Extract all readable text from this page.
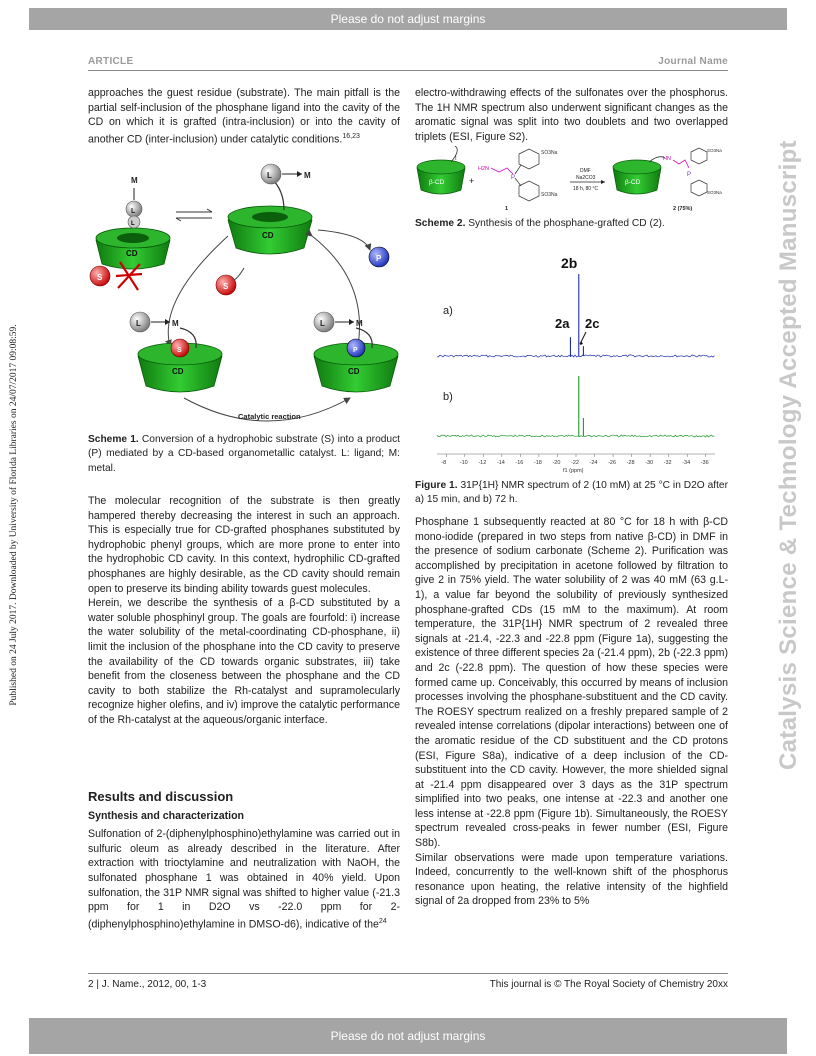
Please do not adjust margins
Please do not adjust margins
Published on 24 July 2017. Downloaded by University of Florida Libraries on 24/07/2017 09:08:59.	Catalysis Science & Technology Accepted Manuscript
ARTICLE	Journal Name

approaches the guest residue (substrate). The main pitfall is the partial self-inclusion of the phosphane ligand into the cavity of the CD on which it is grafted (intra-inclusion) or into the cavity of another CD (inter-inclusion) under catalytic conditions.$^{16,23}$

CD
L
M
L
CD
L	M
S
S
P
CD
S
L	M
CD
P
L	M
Catalytic reaction

Scheme 1. Conversion of a hydrophobic substrate (S) into a product (P) mediated by a CD-based organometallic catalyst. L: ligand; M: metal.

The molecular recognition of the substrate is then greatly hampered thereby decreasing the interest in such an approach. This is especially true for CD-grafted phosphanes substituted by hydrophobic phenyl groups, which are more prone to enter into the hydrophobic CD cavity. In this context, hydrophilic CD-grafted phosphanes are highly desirable, as the CD cavity should remain open to preserve its binding ability towards guest molecules.

Herein, we describe the synthesis of a β-CD substituted by a water soluble phosphinyl group. The goals are fourfold: i) increase the water solubility of the metal-coordinating CD-phosphane, ii) limit the inclusion of the phosphane into the CD cavity to preserve the availability of the CD towards organic substrates, iii) take benefit from the closeness between the phosphane and the CD cavity to both stabilize the Rh-catalyst and supramolecularly recognize higher olefins, and iv) improve the catalytic performance of the Rh-catalyst at the aqueous/organic interface.

Results and discussion

Synthesis and characterization

Sulfonation of 2-(diphenylphosphino)ethylamine was carried out in sulfuric oleum as already described in the literature. After extraction with trioctylamine and neutralization with NaOH, the sulfonated phosphane 1 was obtained in 40% yield. Upon sulfonation, the 31P NMR signal was shifted to higher value (-21.3 ppm for 1 in D2O vs -22.0 ppm for 2-(diphenylphosphino)ethylamine in DMSO-d6), indicative of the$^{24}$

electro-withdrawing effects of the sulfonates over the phosphorus. The 1H NMR spectrum also underwent significant changes as the aromatic signal was split into two doublets and two overlapped triplets (ESI, Figure S2).

β-CD
I
+
H2N
P
SO3Na
SO3Na
1
DMF
Na2CO3
18 h, 80 °C
β-CD
HN
P
SO3Na
SO3Na
2 (75%)

Scheme 2. Synthesis of the phosphane-grafted CD (2).

2b
2a 2c
a)
b)
-8 -10 -12 -14 -16 -18 -20 -22 -24 -26 -28 -30 -32 -34 -36
f1 (ppm)

Figure 1. 31P{1H} NMR spectrum of 2 (10 mM) at 25 °C in D2O after a) 15 min, and b) 72 h.

Phosphane 1 subsequently reacted at 80 °C for 18 h with β-CD mono-iodide (prepared in two steps from native β-CD) in DMF in the presence of sodium carbonate (Scheme 2). Purification was accomplished by precipitation in acetone followed by filtration to give 2 in 75% yield. The water solubility of 2 was 40 mM (63 g.L-1), a value far beyond the solubility of previously synthesized phosphane-grafted CDs (15 mM to the maximum). At room temperature, the 31P{1H} NMR spectrum of 2 revealed three signals at -21.4, -22.3 and -22.8 ppm (Figure 1a), suggesting the existence of three different species 2a (-21.4 ppm), 2b (-22.3 ppm) and 2c (-22.8 ppm). The question of how these species were formed came up. Conceivably, this occurred by means of inclusion processes involving the phosphane-substituent and the CD cavity. The ROESY spectrum realized on a freshly prepared sample of 2 revealed intense correlations (dipolar interactions) between one of the aromatic residue of the CD substituent and the CD protons (ESI, Figure S8a), indicative of a deep inclusion of the CD-substituent into the CD cavity. However, the more shielded signal at -21.4 ppm disappeared over 3 days as the 31P spectrum simplified into two peaks, one intense at -22.3 and another one less intense at -22.8 ppm (Figure 1b). Simultaneously, the ROESY spectrum revealed cross-peaks in fewer number (ESI, Figure S8b).

Similar observations were made upon temperature variations. Indeed, concurrently to the well-known shift of the phosphorus resonance upon heating, the relative intensity of the highfield signal of 2a dropped from 23% to 5%

2 | J. Name., 2012, 00, 1-3	This journal is © The Royal Society of Chemistry 20xx
